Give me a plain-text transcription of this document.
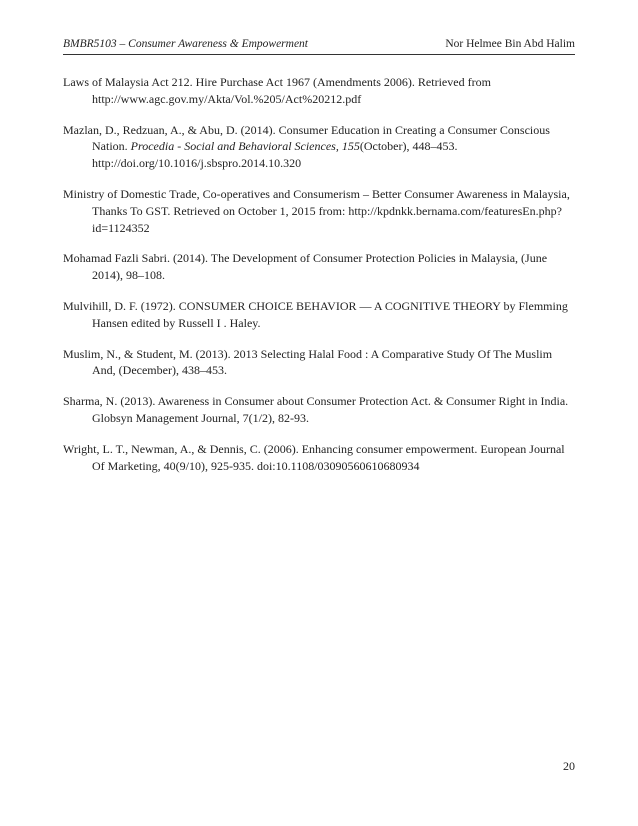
BMBR5103 – Consumer Awareness & Empowerment	Nor Helmee Bin Abd Halim

Laws of Malaysia Act 212. Hire Purchase Act 1967 (Amendments 2006). Retrieved from http://www.agc.gov.my/Akta/Vol.%205/Act%20212.pdf

Mazlan, D., Redzuan, A., & Abu, D. (2014). Consumer Education in Creating a Consumer Conscious Nation. Procedia - Social and Behavioral Sciences, 155(October), 448–453. http://doi.org/10.1016/j.sbspro.2014.10.320

Ministry of Domestic Trade, Co-operatives and Consumerism – Better Consumer Awareness in Malaysia, Thanks To GST. Retrieved on October 1, 2015 from: http://kpdnkk.bernama.com/featuresEn.php?id=1124352

Mohamad Fazli Sabri. (2014). The Development of Consumer Protection Policies in Malaysia, (June 2014), 98–108.

Mulvihill, D. F. (1972). CONSUMER CHOICE BEHAVIOR — A COGNITIVE THEORY by Flemming Hansen edited by Russell I . Haley.

Muslim, N., & Student, M. (2013). 2013 Selecting Halal Food : A Comparative Study Of The Muslim And, (December), 438–453.

Sharma, N. (2013). Awareness in Consumer about Consumer Protection Act. & Consumer Right in India. Globsyn Management Journal, 7(1/2), 82-93.

Wright, L. T., Newman, A., & Dennis, C. (2006). Enhancing consumer empowerment. European Journal Of Marketing, 40(9/10), 925-935. doi:10.1108/03090560610680934

20
